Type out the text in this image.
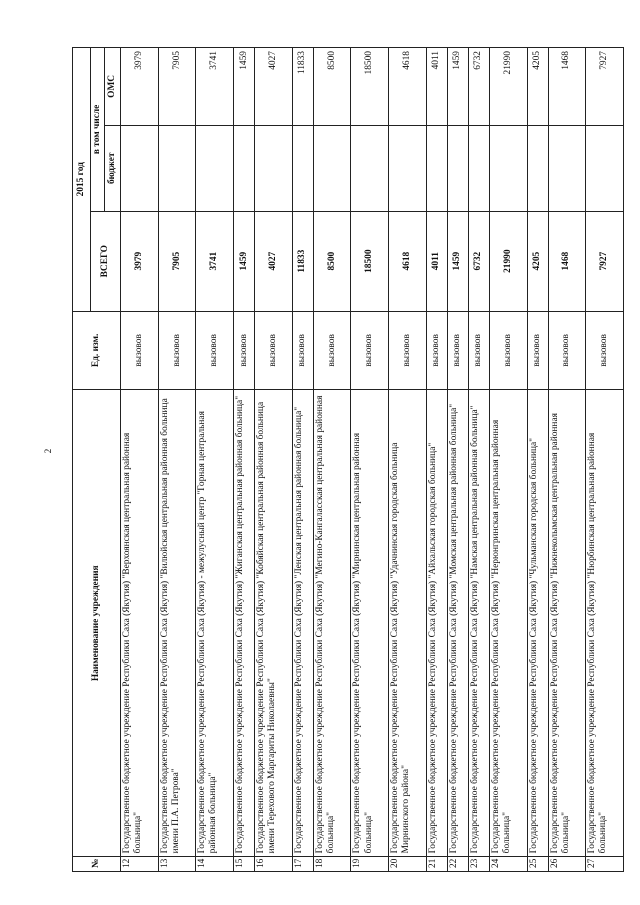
2
№	Наименование учреждения	Ед. изм.	2015 год		
			ВСЕГО	в том числе	
				бюджет	ОМС
12	Государственное бюджетное учреждение Республики Саха (Якутия) "Верхоянская центральная районная больница"	вызовов	3979		3979
13	Государственное бюджетное учреждение Республики Саха (Якутия) "Вилюйская центральная районная больница имени П.А. Петрова"	вызовов	7905		7905
14	Государственное бюджетное учреждение Республики Саха (Якутия) - межулусный центр "Горная центральная районная больница"	вызовов	3741		3741
15	Государственное бюджетное учреждение Республики Саха (Якутия) "Жиганская центральная районная больница"	вызовов	1459		1459
16	Государственное бюджетное учреждение Республики Саха (Якутия) "Кобяйская центральная районная больница имени Терехового Маргариты Николаевны"	вызовов	4027		4027
17	Государственное бюджетное учреждение Республики Саха (Якутия) "Ленская центральная районная больница"	вызовов	11833		11833
18	Государственное бюджетное учреждение Республики Саха (Якутия) "Мегино-Кангаласская центральная районная больница"	вызовов	8500		8500
19	Государственное бюджетное учреждение Республики Саха (Якутия) "Мирнинская центральная районная больница"	вызовов	18500		18500
20	Государственное бюджетное учреждение Республики Саха (Якутия) "Удачнинская городская больница Мирнинского района"	вызовов	4618		4618
21	Государственное бюджетное учреждение Республики Саха (Якутия) "Айхальская городская больница"	вызовов	4011		4011
22	Государственное бюджетное учреждение Республики Саха (Якутия) "Момская центральная районная больница"	вызовов	1459		1459
23	Государственное бюджетное учреждение Республики Саха (Якутия) "Намская центральная районная больница"	вызовов	6732		6732
24	Государственное бюджетное учреждение Республики Саха (Якутия) "Нерюнгринская центральная районная больница"	вызовов	21990		21990
25	Государственное бюджетное учреждение Республики Саха (Якутия) "Чульманская городская больница"	вызовов	4205		4205
26	Государственное бюджетное учреждение Республики Саха (Якутия) "Нижнеколымская центральная районная больница"	вызовов	1468		1468
27	Государственное бюджетное учреждение Республики Саха (Якутия) "Нюрбинская центральная районная больница"	вызовов	7927		7927
